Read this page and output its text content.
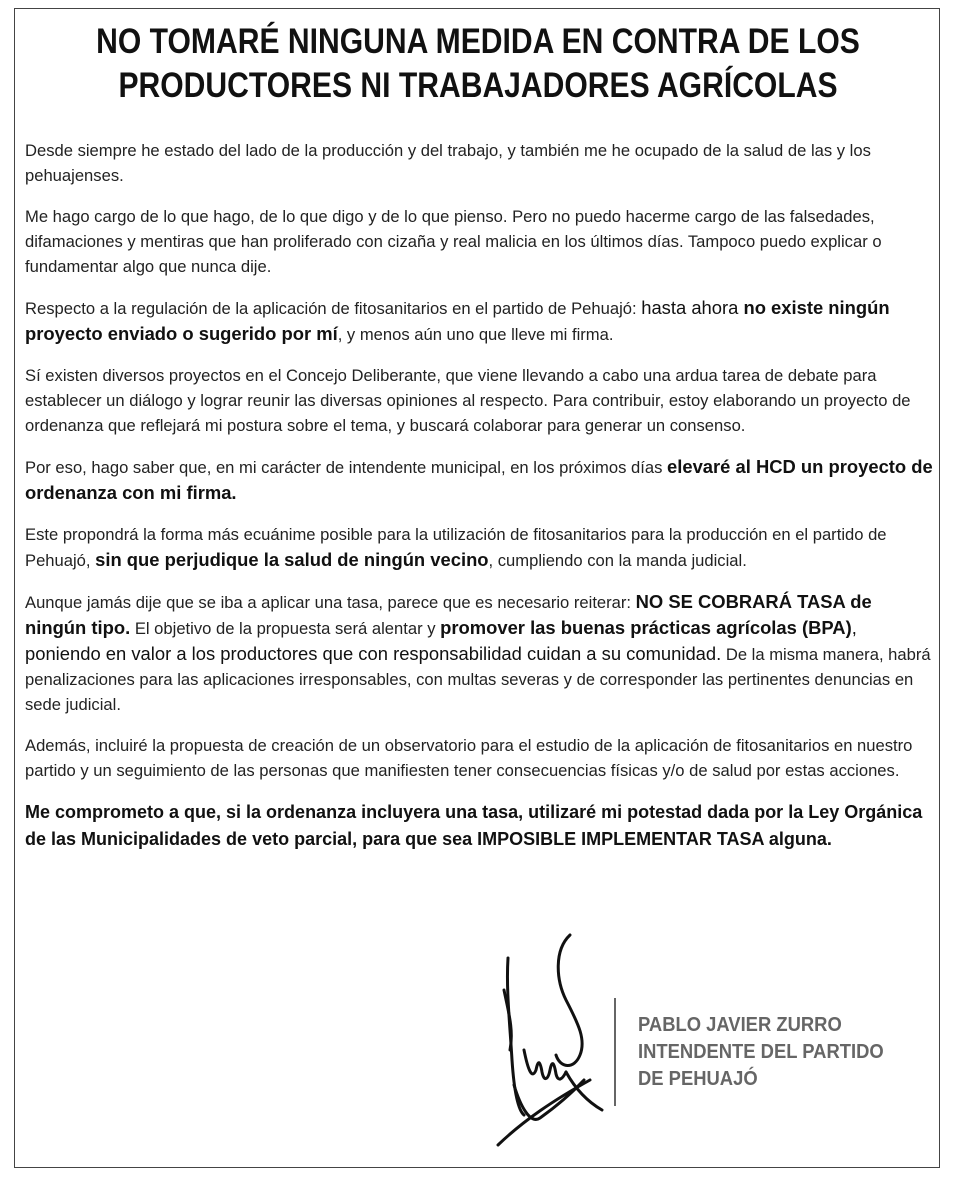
NO TOMARÉ NINGUNA MEDIDA EN CONTRA DE LOS
PRODUCTORES NI TRABAJADORES AGRÍCOLAS

Desde siempre he estado del lado de la producción y del trabajo, y también me he ocupado de la salud de las y los pehuajenses.

Me hago cargo de lo que hago, de lo que digo y de lo que pienso. Pero no puedo hacerme cargo de las falsedades, difamaciones y mentiras que han proliferado con cizaña y real malicia en los últimos días. Tampoco puedo explicar o fundamentar algo que nunca dije.

Respecto a la regulación de la aplicación de fitosanitarios en el partido de Pehuajó: hasta ahora no existe ningún proyecto enviado o sugerido por mí, y menos aún uno que lleve mi firma.

Sí existen diversos proyectos en el Concejo Deliberante, que viene llevando a cabo una ardua tarea de debate para establecer un diálogo y lograr reunir las diversas opiniones al respecto. Para contribuir, estoy elaborando un proyecto de ordenanza que reflejará mi postura sobre el tema, y buscará colaborar para generar un consenso.

Por eso, hago saber que, en mi carácter de intendente municipal, en los próximos días elevaré al HCD un proyecto de ordenanza con mi firma.

Este propondrá la forma más ecuánime posible para la utilización de fitosanitarios para la producción en el partido de Pehuajó, sin que perjudique la salud de ningún vecino, cumpliendo con la manda judicial.

Aunque jamás dije que se iba a aplicar una tasa, parece que es necesario reiterar: NO SE COBRARÁ TASA de ningún tipo. El objetivo de la propuesta será alentar y promover las buenas prácticas agrícolas (BPA), poniendo en valor a los productores que con responsabilidad cuidan a su comunidad. De la misma manera, habrá penalizaciones para las aplicaciones irresponsables, con multas severas y de corresponder las pertinentes denuncias en sede judicial.

Además, incluiré la propuesta de creación de un observatorio para el estudio de la aplicación de fitosanitarios en nuestro partido y un seguimiento de las personas que manifiesten tener consecuencias físicas y/o de salud por estas acciones.

Me comprometo a que, si la ordenanza incluyera una tasa, utilizaré mi potestad dada por la Ley Orgánica de las Municipalidades de veto parcial, para que sea IMPOSIBLE IMPLEMENTAR TASA alguna.

PABLO JAVIER ZURRO
INTENDENTE DEL PARTIDO
DE PEHUAJÓ
